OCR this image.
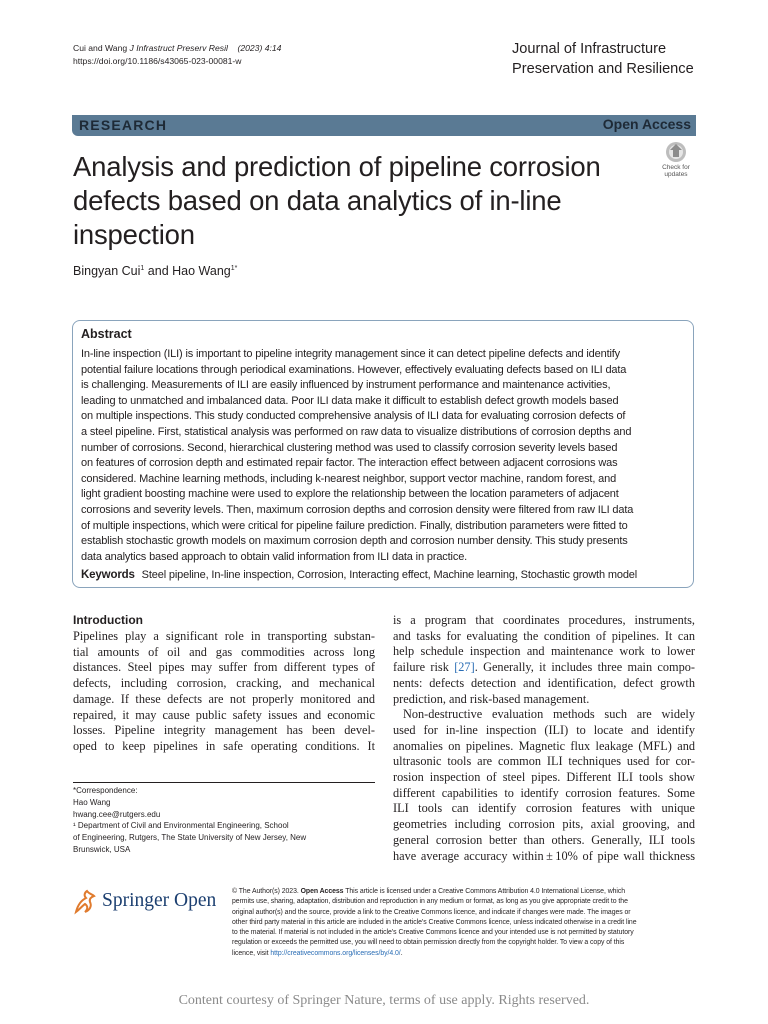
Cui and Wang J Infrastruct Preserv Resil (2023) 4:14
https://doi.org/10.1186/s43065-023-00081-w
Journal of Infrastructure
Preservation and Resilience
RESEARCH	Open Access
Analysis and prediction of pipeline corrosion
defects based on data analytics of in-line
inspection
Check for
updates
Bingyan Cui$^1$ and Hao Wang$^{1*}$
Abstract
In-line inspection (ILI) is important to pipeline integrity management since it can detect pipeline defects and identify
potential failure locations through periodical examinations. However, effectively evaluating defects based on ILI data
is challenging. Measurements of ILI are easily influenced by instrument performance and maintenance activities,
leading to unmatched and imbalanced data. Poor ILI data make it difficult to establish defect growth models based
on multiple inspections. This study conducted comprehensive analysis of ILI data for evaluating corrosion defects of
a steel pipeline. First, statistical analysis was performed on raw data to visualize distributions of corrosion depths and
number of corrosions. Second, hierarchical clustering method was used to classify corrosion severity levels based
on features of corrosion depth and estimated repair factor. The interaction effect between adjacent corrosions was
considered. Machine learning methods, including k-nearest neighbor, support vector machine, random forest, and
light gradient boosting machine were used to explore the relationship between the location parameters of adjacent
corrosions and severity levels. Then, maximum corrosion depths and corrosion density were filtered from raw ILI data
of multiple inspections, which were critical for pipeline failure prediction. Finally, distribution parameters were fitted to
establish stochastic growth models on maximum corrosion depth and corrosion number density. This study presents
data analytics based approach to obtain valid information from ILI data in practice.
Keywords Steel pipeline, In-line inspection, Corrosion, Interacting effect, Machine learning, Stochastic growth model
Introduction
Pipelines play a significant role in transporting substan-
tial amounts of oil and gas commodities across long
distances. Steel pipes may suffer from different types of
defects, including corrosion, cracking, and mechanical
damage. If these defects are not properly monitored and
repaired, it may cause public safety issues and economic
losses. Pipeline integrity management has been devel-
oped to keep pipelines in safe operating conditions. It
is a program that coordinates procedures, instruments,
and tasks for evaluating the condition of pipelines. It can
help schedule inspection and maintenance work to lower
failure risk [27]. Generally, it includes three main compo-
nents: defects detection and identification, defect growth
prediction, and risk-based management.
Non-destructive evaluation methods such are widely
used for in-line inspection (ILI) to locate and identify
anomalies on pipelines. Magnetic flux leakage (MFL) and
ultrasonic tools are common ILI techniques used for cor-
rosion inspection of steel pipes. Different ILI tools show
different capabilities to identify corrosion features. Some
ILI tools can identify corrosion features with unique
geometries including corrosion pits, axial grooving, and
general corrosion better than others. Generally, ILI tools
have average accuracy within ± 10% of pipe wall thickness
*Correspondence:
Hao Wang
hwang.cee@rutgers.edu
¹ Department of Civil and Environmental Engineering, School
of Engineering, Rutgers, The State University of New Jersey, New
Brunswick, USA
Springer Open © The Author(s) 2023. Open Access This article is licensed under a Creative Commons Attribution 4.0 International License, which
permits use, sharing, adaptation, distribution and reproduction in any medium or format, as long as you give appropriate credit to the
original author(s) and the source, provide a link to the Creative Commons licence, and indicate if changes were made. The images or
other third party material in this article are included in the article’s Creative Commons licence, unless indicated otherwise in a credit line
to the material. If material is not included in the article’s Creative Commons licence and your intended use is not permitted by statutory
regulation or exceeds the permitted use, you will need to obtain permission directly from the copyright holder. To view a copy of this
licence, visit http://creativecommons.org/licenses/by/4.0/.
Content courtesy of Springer Nature, terms of use apply. Rights reserved.
